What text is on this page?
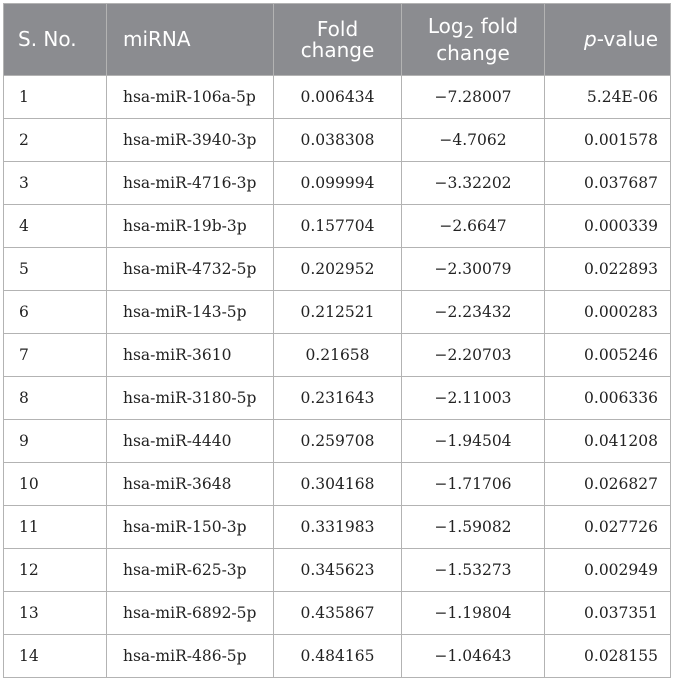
S. No.	miRNA	Fold change	Log$_2$ fold change	p-value
1	hsa-miR-106a-5p	0.006434	−7.28007	5.24E-06
2	hsa-miR-3940-3p	0.038308	−4.7062	0.001578
3	hsa-miR-4716-3p	0.099994	−3.32202	0.037687
4	hsa-miR-19b-3p	0.157704	−2.6647	0.000339
5	hsa-miR-4732-5p	0.202952	−2.30079	0.022893
6	hsa-miR-143-5p	0.212521	−2.23432	0.000283
7	hsa-miR-3610	0.21658	−2.20703	0.005246
8	hsa-miR-3180-5p	0.231643	−2.11003	0.006336
9	hsa-miR-4440	0.259708	−1.94504	0.041208
10	hsa-miR-3648	0.304168	−1.71706	0.026827
11	hsa-miR-150-3p	0.331983	−1.59082	0.027726
12	hsa-miR-625-3p	0.345623	−1.53273	0.002949
13	hsa-miR-6892-5p	0.435867	−1.19804	0.037351
14	hsa-miR-486-5p	0.484165	−1.04643	0.028155
